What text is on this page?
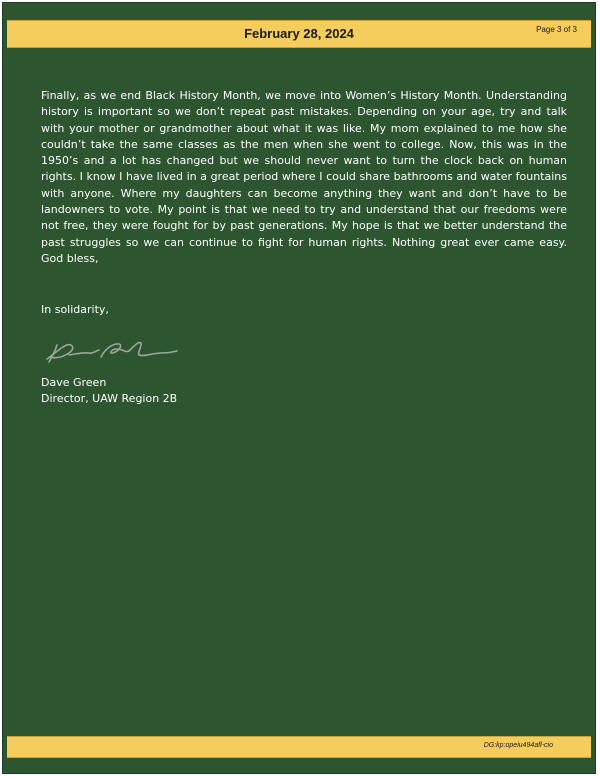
February 28, 2024	Page 3 of 3

Finally, as we end Black History Month, we move into Women’s History Month. Understanding history is important so we don’t repeat past mistakes. Depending on your age, try and talk with your mother or grandmother about what it was like. My mom explained to me how she couldn’t take the same classes as the men when she went to college. Now, this was in the 1950’s and a lot has changed but we should never want to turn the clock back on human rights. I know I have lived in a great period where I could share bathrooms and water fountains with anyone. Where my daughters can become anything they want and don’t have to be landowners to vote. My point is that we need to try and understand that our freedoms were not free, they were fought for by past generations. My hope is that we better understand the past struggles so we can continue to fight for human rights. Nothing great ever came easy. God bless,

In solidarity,

Dave Green
Director, UAW Region 2B
DG:kp:opeiu494afl-cio
